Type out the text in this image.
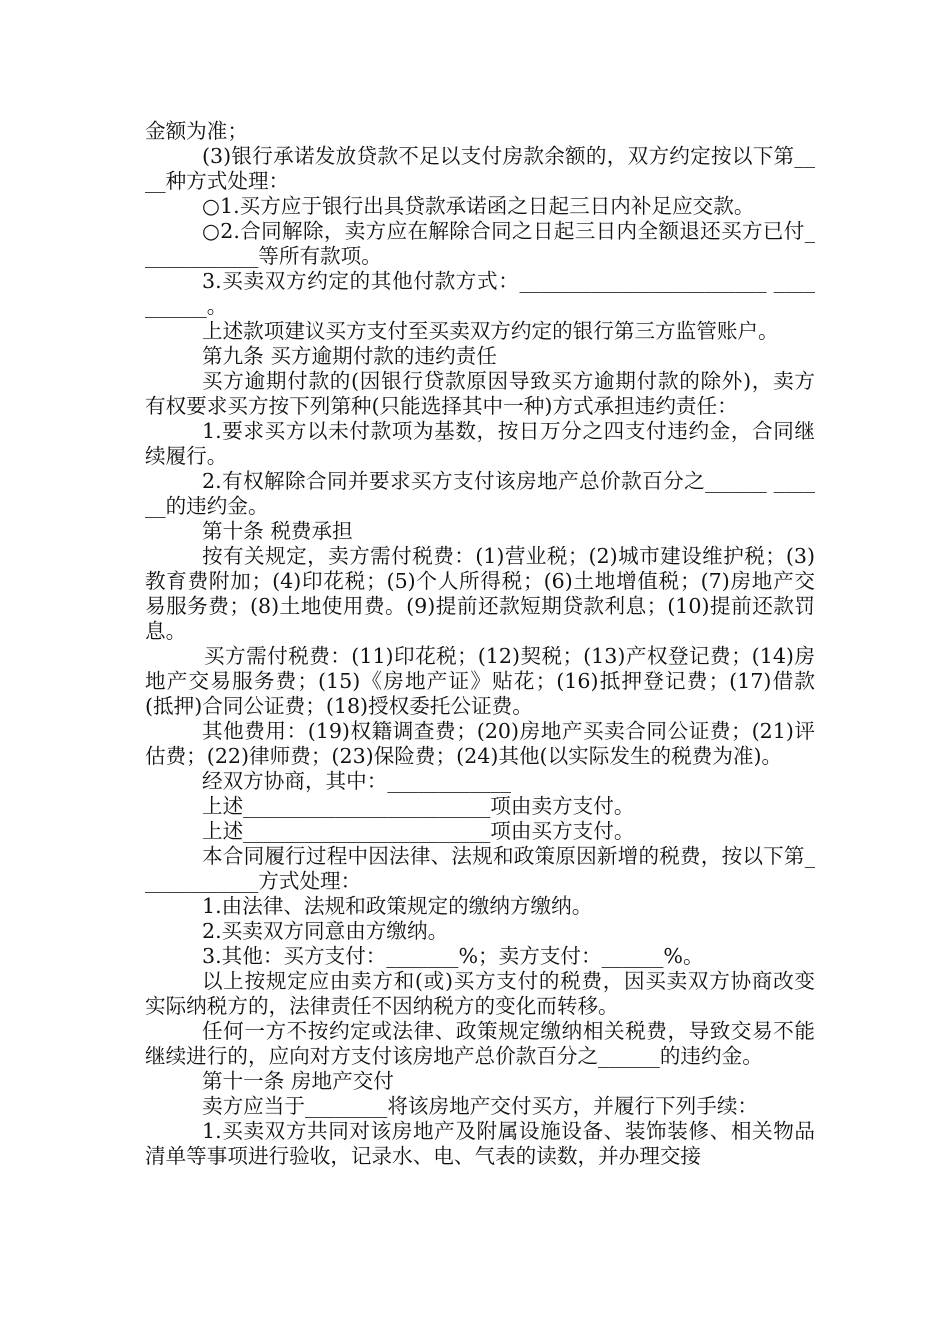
金额为准；

(3)银行承诺发放贷款不足以支付房款余额的，双方约定按以下第____种方式处理：

○1.买方应于银行出具贷款承诺函之日起三日内补足应交款。

○2.合同解除，卖方应在解除合同之日起三日内全额退还买方已付____________等所有款项。

3.买卖双方约定的其他付款方式：________________________ __________。

上述款项建议买方支付至买卖双方约定的银行第三方监管账户。

第九条 买方逾期付款的违约责任

买方逾期付款的(因银行贷款原因导致买方逾期付款的除外)，卖方有权要求买方按下列第种(只能选择其中一种)方式承担违约责任：

1.要求买方以未付款项为基数，按日万分之四支付违约金，合同继续履行。

2.有权解除合同并要求买方支付该房地产总价款百分之______ ______的违约金。

第十条 税费承担

按有关规定，卖方需付税费：(1)营业税；(2)城市建设维护税；(3)教育费附加；(4)印花税；(5)个人所得税；(6)土地增值税；(7)房地产交易服务费；(8)土地使用费。(9)提前还款短期贷款利息；(10)提前还款罚息。

买方需付税费：(11)印花税；(12)契税；(13)产权登记费；(14)房地产交易服务费；(15)《房地产证》贴花；(16)抵押登记费；(17)借款(抵押)合同公证费；(18)授权委托公证费。

其他费用：(19)权籍调查费；(20)房地产买卖合同公证费；(21)评估费；(22)律师费；(23)保险费；(24)其他(以实际发生的税费为准)。

经双方协商，其中：____________

上述________________________项由卖方支付。

上述________________________项由买方支付。

本合同履行过程中因法律、法规和政策原因新增的税费，按以下第____________方式处理：

1.由法律、法规和政策规定的缴纳方缴纳。

2.买卖双方同意由方缴纳。

3.其他：买方支付：_______%；卖方支付：______%。

以上按规定应由卖方和(或)买方支付的税费，因买卖双方协商改变实际纳税方的，法律责任不因纳税方的变化而转移。

任何一方不按约定或法律、政策规定缴纳相关税费，导致交易不能继续进行的，应向对方支付该房地产总价款百分之______的违约金。

第十一条 房地产交付

卖方应当于________将该房地产交付买方，并履行下列手续：

1.买卖双方共同对该房地产及附属设施设备、装饰装修、相关物品清单等事项进行验收，记录水、电、气表的读数，并办理交接
